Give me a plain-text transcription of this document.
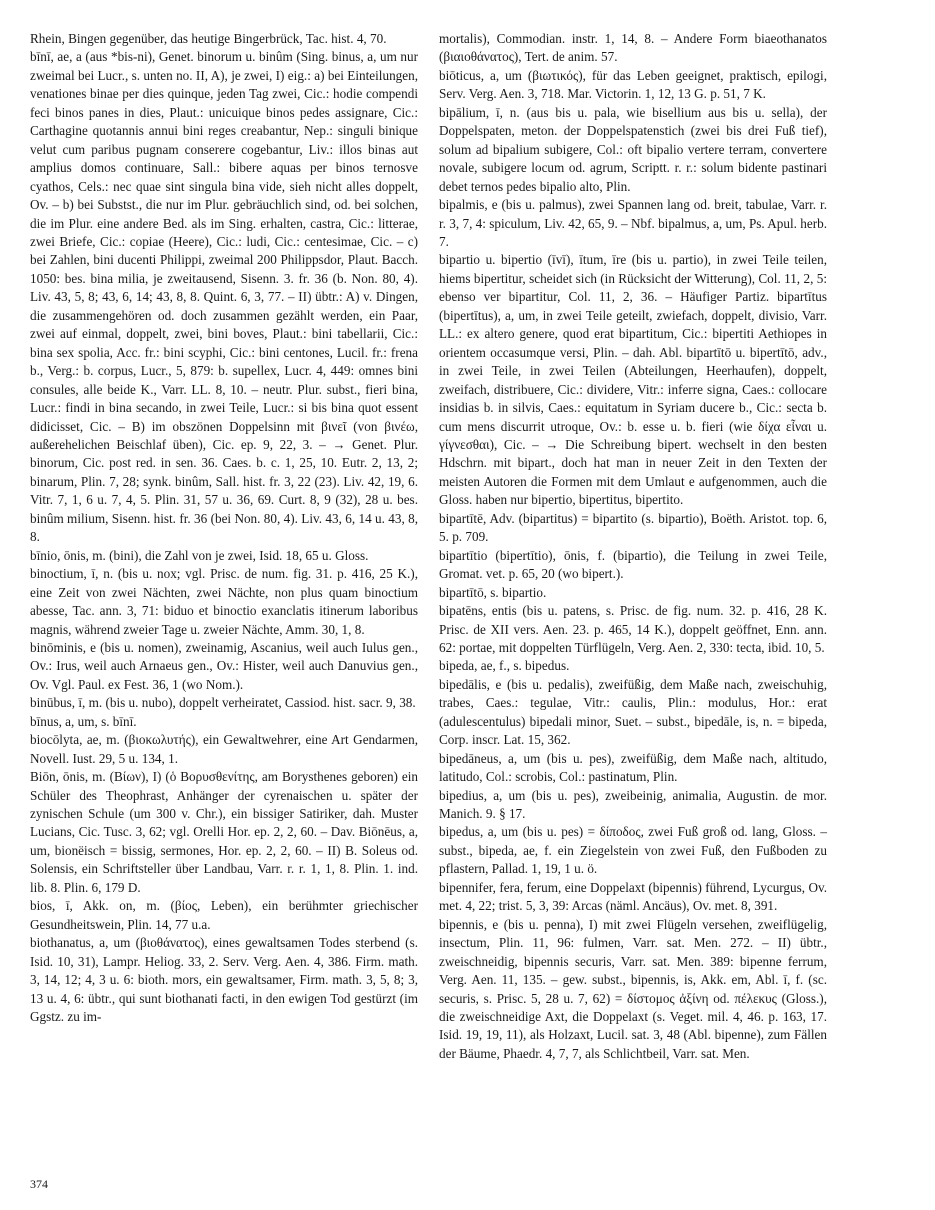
Rhein, Bingen gegenüber, das heutige Bingerbrück, Tac. hist. 4, 70.

bīnī, ae, a (aus *bis-ni), Genet. binorum u. binûm (Sing. binus, a, um nur zweimal bei Lucr., s. unten no. II, A), je zwei, I) eig.: a) bei Einteilungen, venationes binae per dies quinque, jeden Tag zwei, Cic.: hodie compendi feci binos panes in dies, Plaut.: unicuique binos pedes assignare, Cic.: Carthagine quotannis annui bini reges creabantur, Nep.: singuli binique velut cum paribus pugnam conserere cogebantur, Liv.: illos binas aut amplius domos continuare, Sall.: bibere aquas per binos ternosve cyathos, Cels.: nec quae sint singula bina vide, sieh nicht alles doppelt, Ov. – b) bei Substst., die nur im Plur. gebräuchlich sind, od. bei solchen, die im Plur. eine andere Bed. als im Sing. erhalten, castra, Cic.: litterae, zwei Briefe, Cic.: copiae (Heere), Cic.: ludi, Cic.: centesimae, Cic. – c) bei Zahlen, bini ducenti Philippi, zweimal 200 Philippsdor, Plaut. Bacch. 1050: bes. bina milia, je zweitausend, Sisenn. 3. fr. 36 (b. Non. 80, 4). Liv. 43, 5, 8; 43, 6, 14; 43, 8, 8. Quint. 6, 3, 77. – II) übtr.: A) v. Dingen, die zusammengehören od. doch zusammen gezählt werden, ein Paar, zwei auf einmal, doppelt, zwei, bini boves, Plaut.: bini tabellarii, Cic.: bina sex spolia, Acc. fr.: bini scyphi, Cic.: bini centones, Lucil. fr.: frena b., Verg.: b. corpus, Lucr., 5, 879: b. supellex, Lucr. 4, 449: omnes bini consules, alle beide K., Varr. LL. 8, 10. – neutr. Plur. subst., fieri bina, Lucr.: findi in bina secando, in zwei Teile, Lucr.: si bis bina quot essent didicisset, Cic. – B) im obszönen Doppelsinn mit βινεῖ (von βινέω, außerehelichen Beischlaf üben), Cic. ep. 9, 22, 3. – → Genet. Plur. binorum, Cic. post red. in sen. 36. Caes. b. c. 1, 25, 10. Eutr. 2, 13, 2; binarum, Plin. 7, 28; synk. binûm, Sall. hist. fr. 3, 22 (23). Liv. 42, 19, 6. Vitr. 7, 1, 6 u. 7, 4, 5. Plin. 31, 57 u. 36, 69. Curt. 8, 9 (32), 28 u. bes. binûm milium, Sisenn. hist. fr. 36 (bei Non. 80, 4). Liv. 43, 6, 14 u. 43, 8, 8.

bīnio, ōnis, m. (bini), die Zahl von je zwei, Isid. 18, 65 u. Gloss.

binoctium, ī, n. (bis u. nox; vgl. Prisc. de num. fig. 31. p. 416, 25 K.), eine Zeit von zwei Nächten, zwei Nächte, non plus quam binoctium abesse, Tac. ann. 3, 71: biduo et binoctio exanclatis itinerum laboribus magnis, während zweier Tage u. zweier Nächte, Amm. 30, 1, 8.

binōminis, e (bis u. nomen), zweinamig, Ascanius, weil auch Iulus gen., Ov.: Irus, weil auch Arnaeus gen., Ov.: Hister, weil auch Danuvius gen., Ov. Vgl. Paul. ex Fest. 36, 1 (wo Nom.).

binūbus, ī, m. (bis u. nubo), doppelt verheiratet, Cassiod. hist. sacr. 9, 38.

bīnus, a, um, s. bīnī.

biocōlyta, ae, m. (βιοκωλυτής), ein Gewaltwehrer, eine Art Gendarmen, Novell. Iust. 29, 5 u. 134, 1.

Biōn, ōnis, m. (Βίων), I) (ὁ Βορυσθενίτης, am Borysthenes geboren) ein Schüler des Theophrast, Anhänger der cyrenaischen u. später der zynischen Schule (um 300 v. Chr.), ein bissiger Satiriker, dah. Muster Lucians, Cic. Tusc. 3, 62; vgl. Orelli Hor. ep. 2, 2, 60. – Dav. Biōnēus, a, um, bionëisch = bissig, sermones, Hor. ep. 2, 2, 60. – II) B. Soleus od. Solensis, ein Schriftsteller über Landbau, Varr. r. r. 1, 1, 8. Plin. 1. ind. lib. 8. Plin. 6, 179 D.

bios, ī, Akk. on, m. (βίος, Leben), ein berühmter griechischer Gesundheitswein, Plin. 14, 77 u.a.

biothanatus, a, um (βιοθάνατος), eines gewaltsamen Todes sterbend (s. Isid. 10, 31), Lampr. Heliog. 33, 2. Serv. Verg. Aen. 4, 386. Firm. math. 3, 14, 12; 4, 3 u. 6: bioth. mors, ein gewaltsamer, Firm. math. 3, 5, 8; 3, 13 u. 4, 6: übtr., qui sunt biothanati facti, in den ewigen Tod gestürzt (im Ggstz. zu im-

mortalis), Commodian. instr. 1, 14, 8. – Andere Form biaeothanatos (βιαιοθάνατος), Tert. de anim. 57.

biōticus, a, um (βιωτικός), für das Leben geeignet, praktisch, epilogi, Serv. Verg. Aen. 3, 718. Mar. Victorin. 1, 12, 13 G. p. 51, 7 K.

bipālium, ī, n. (aus bis u. pala, wie bisellium aus bis u. sella), der Doppelspaten, meton. der Doppelspatenstich (zwei bis drei Fuß tief), solum ad bipalium subigere, Col.: oft bipalio vertere terram, convertere novale, subigere locum od. agrum, Scriptt. r. r.: solum bidente pastinari debet ternos pedes bipalio alto, Plin.

bipalmis, e (bis u. palmus), zwei Spannen lang od. breit, tabulae, Varr. r. r. 3, 7, 4: spiculum, Liv. 42, 65, 9. – Nbf. bipalmus, a, um, Ps. Apul. herb. 7.

bipartio u. bipertio (īvī), ītum, īre (bis u. partio), in zwei Teile teilen, hiems bipertitur, scheidet sich (in Rücksicht der Witterung), Col. 11, 2, 5: ebenso ver bipartitur, Col. 11, 2, 36. – Häufiger Partiz. bipartītus (bipertītus), a, um, in zwei Teile geteilt, zwiefach, doppelt, divisio, Varr. LL.: ex altero genere, quod erat bipartitum, Cic.: bipertiti Aethiopes in orientem occasumque versi, Plin. – dah. Abl. bipartītō u. bipertītō, adv., in zwei Teile, in zwei Teilen (Abteilungen, Heerhaufen), doppelt, zweifach, distribuere, Cic.: dividere, Vitr.: inferre signa, Caes.: collocare insidias b. in silvis, Caes.: equitatum in Syriam ducere b., Cic.: secta b. cum mens discurrit utroque, Ov.: b. esse u. b. fieri (wie δίχα εἶναι u. γίγνεσθαι), Cic. – → Die Schreibung bipert. wechselt in den besten Hdschrn. mit bipart., doch hat man in neuer Zeit in den Texten der meisten Autoren die Formen mit dem Umlaut e aufgenommen, auch die Gloss. haben nur bipertio, bipertitus, bipertito.

bipartītē, Adv. (bipartitus) = bipartito (s. bipartio), Boëth. Aristot. top. 6, 5. p. 709.

bipartītio (bipertītio), ōnis, f. (bipartio), die Teilung in zwei Teile, Gromat. vet. p. 65, 20 (wo bipert.).

bipartītō, s. bipartio.

bipatēns, entis (bis u. patens, s. Prisc. de fig. num. 32. p. 416, 28 K. Prisc. de XII vers. Aen. 23. p. 465, 14 K.), doppelt geöffnet, Enn. ann. 62: portae, mit doppelten Türflügeln, Verg. Aen. 2, 330: tecta, ibid. 10, 5.

bipeda, ae, f., s. bipedus.

bipedālis, e (bis u. pedalis), zweifüßig, dem Maße nach, zweischuhig, trabes, Caes.: tegulae, Vitr.: caulis, Plin.: modulus, Hor.: erat (adulescentulus) bipedali minor, Suet. – subst., bipedāle, is, n. = bipeda, Corp. inscr. Lat. 15, 362.

bipedāneus, a, um (bis u. pes), zweifüßig, dem Maße nach, altitudo, latitudo, Col.: scrobis, Col.: pastinatum, Plin.

bipedius, a, um (bis u. pes), zweibeinig, animalia, Augustin. de mor. Manich. 9. § 17.

bipedus, a, um (bis u. pes) = δίποδος, zwei Fuß groß od. lang, Gloss. – subst., bipeda, ae, f. ein Ziegelstein von zwei Fuß, den Fußboden zu pflastern, Pallad. 1, 19, 1 u. ö.

bipennifer, fera, ferum, eine Doppelaxt (bipennis) führend, Lycurgus, Ov. met. 4, 22; trist. 5, 3, 39: Arcas (näml. Ancäus), Ov. met. 8, 391.

bipennis, e (bis u. penna), I) mit zwei Flügeln versehen, zweiflügelig, insectum, Plin. 11, 96: fulmen, Varr. sat. Men. 272. – II) übtr., zweischneidig, bipennis securis, Varr. sat. Men. 389: bipenne ferrum, Verg. Aen. 11, 135. – gew. subst., bipennis, is, Akk. em, Abl. ī, f. (sc. securis, s. Prisc. 5, 28 u. 7, 62) = δίστομος ἀξίνη od. πέλεκυς (Gloss.), die zweischneidige Axt, die Doppelaxt (s. Veget. mil. 4, 46. p. 163, 17. Isid. 19, 19, 11), als Holzaxt, Lucil. sat. 3, 48 (Abl. bipenne), zum Fällen der Bäume, Phaedr. 4, 7, 7, als Schlichtbeil, Varr. sat. Men.

374
